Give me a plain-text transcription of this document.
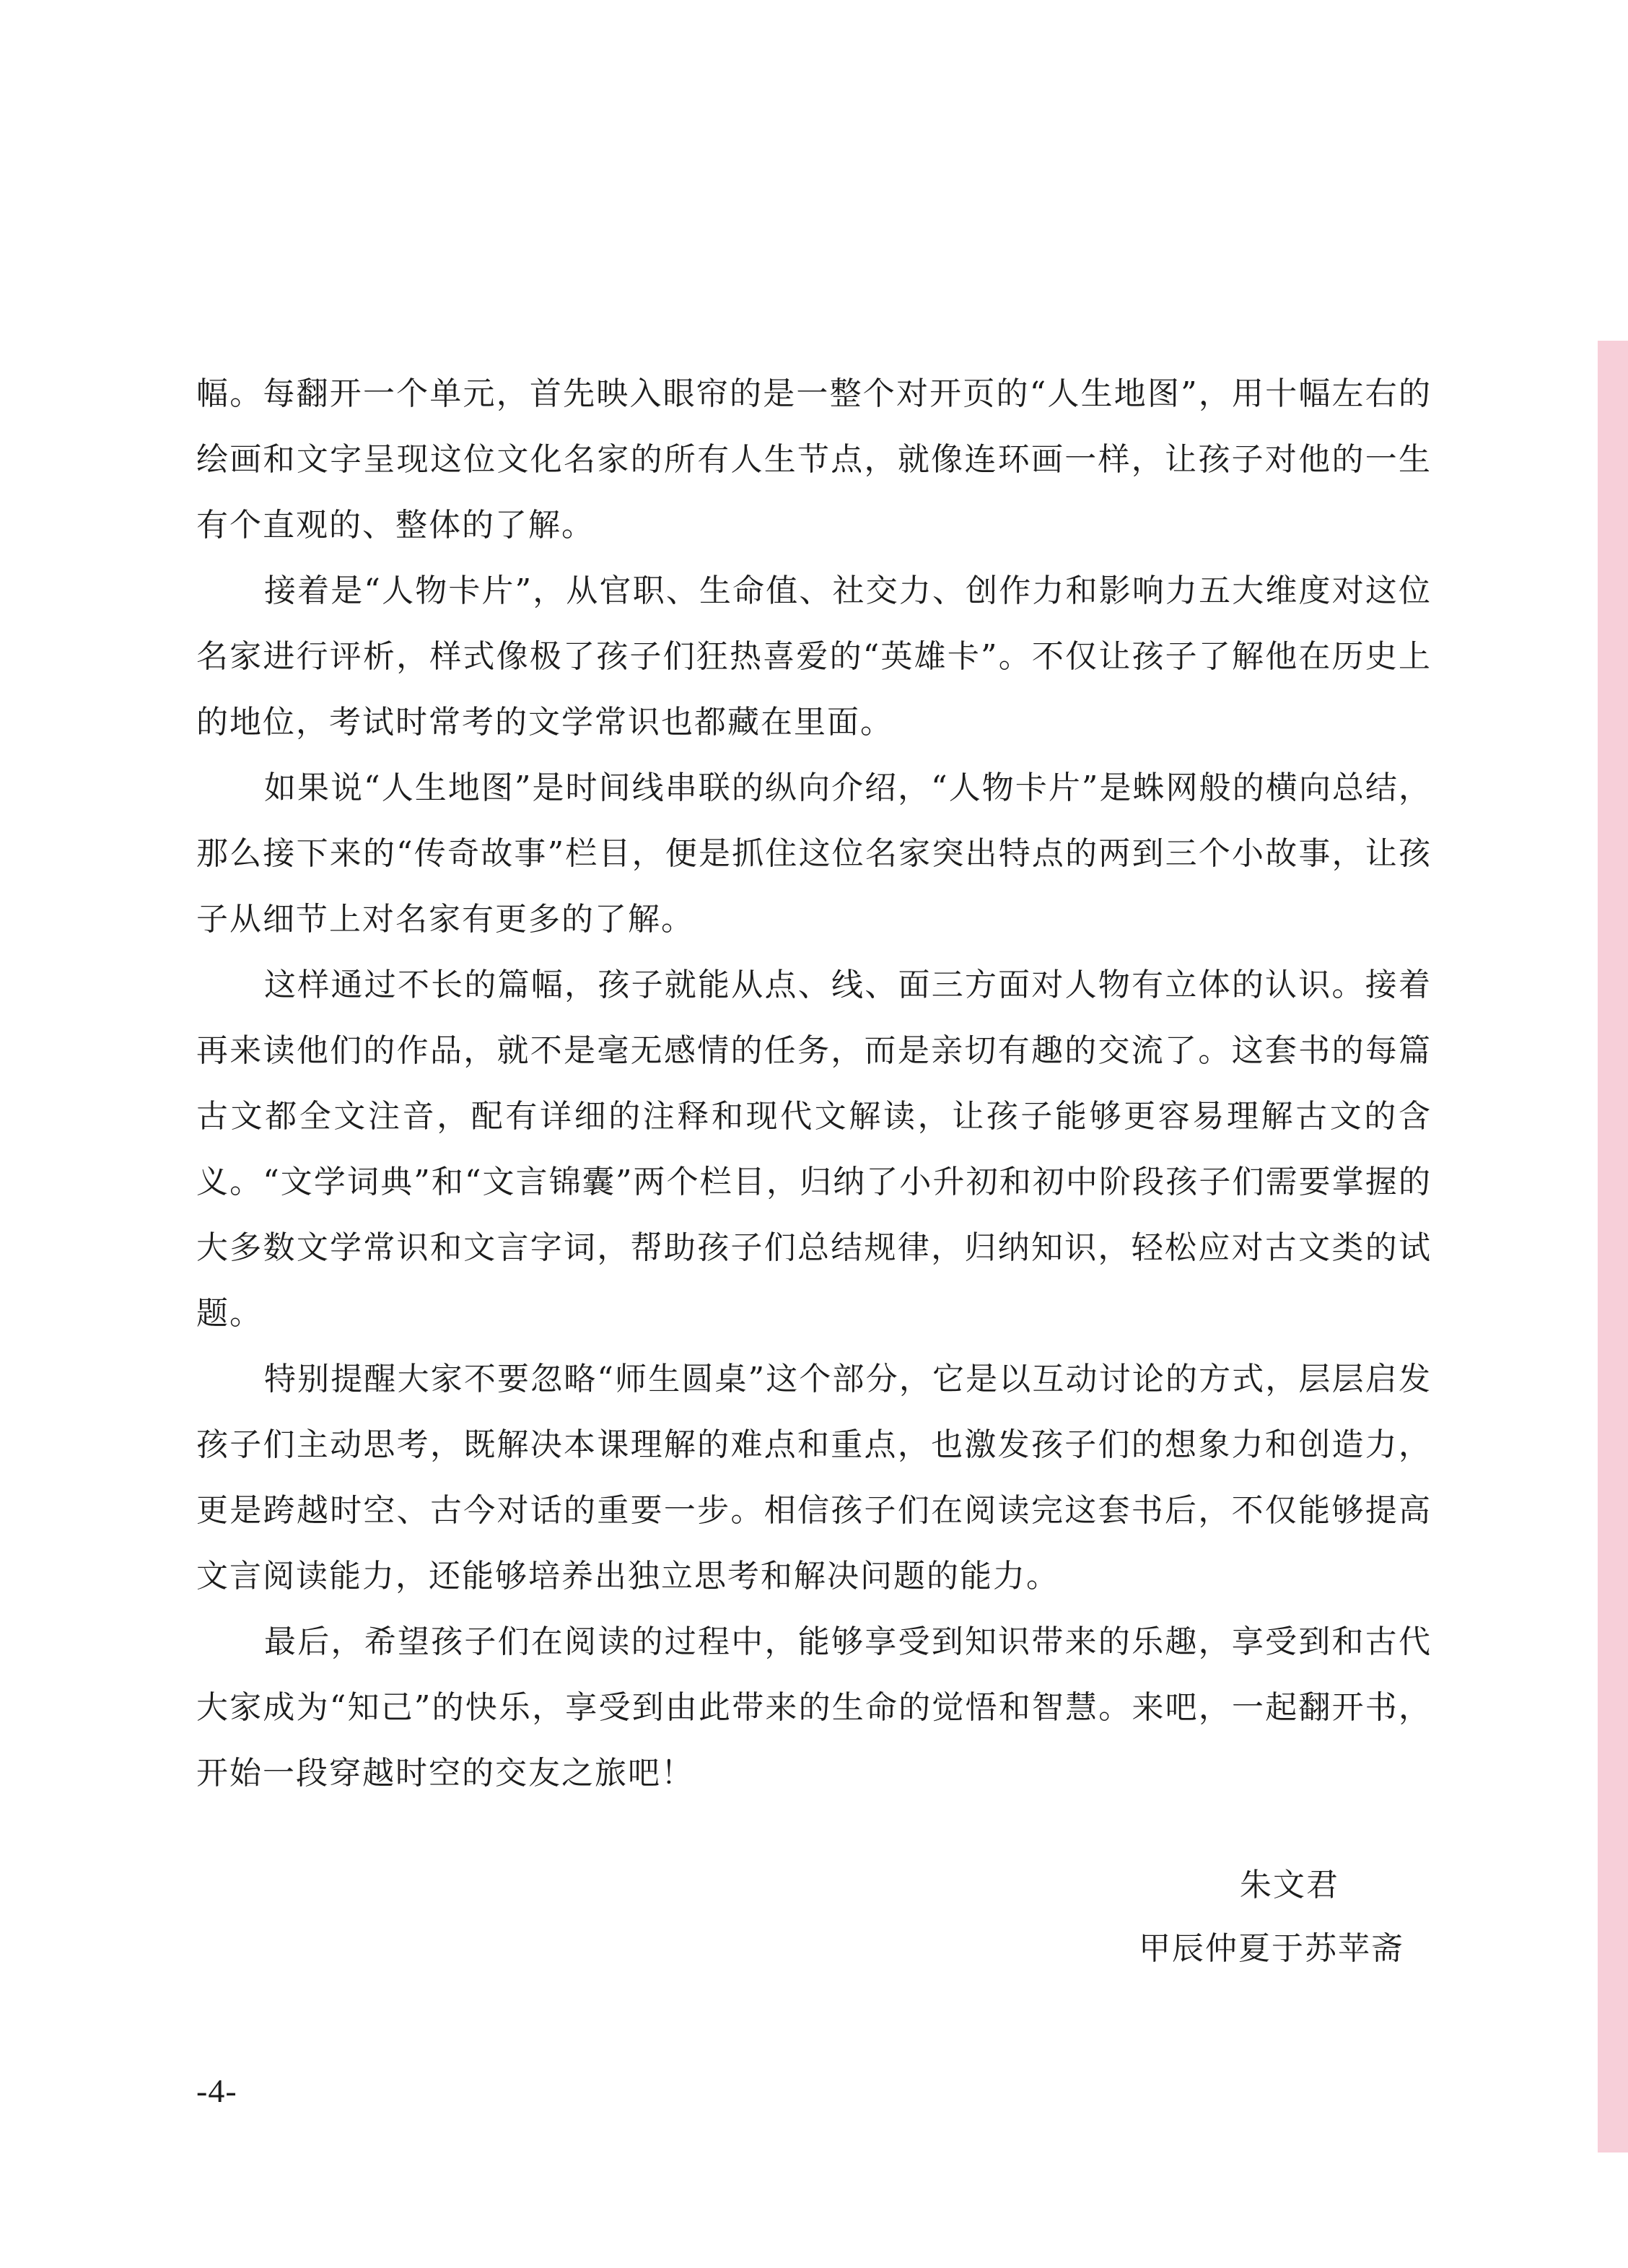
幅。每翻开一个单元，首先映入眼帘的是一整个对开页的“人生地图”，用十幅左右的绘画和文字呈现这位文化名家的所有人生节点，就像连环画一样，让孩子对他的一生有个直观的、整体的了解。

接着是“人物卡片”，从官职、生命值、社交力、创作力和影响力五大维度对这位名家进行评析，样式像极了孩子们狂热喜爱的“英雄卡”。不仅让孩子了解他在历史上的地位，考试时常考的文学常识也都藏在里面。

如果说“人生地图”是时间线串联的纵向介绍，“人物卡片”是蛛网般的横向总结，那么接下来的“传奇故事”栏目，便是抓住这位名家突出特点的两到三个小故事，让孩子从细节上对名家有更多的了解。

这样通过不长的篇幅，孩子就能从点、线、面三方面对人物有立体的认识。接着再来读他们的作品，就不是毫无感情的任务，而是亲切有趣的交流了。这套书的每篇古文都全文注音，配有详细的注释和现代文解读，让孩子能够更容易理解古文的含义。“文学词典”和“文言锦囊”两个栏目，归纳了小升初和初中阶段孩子们需要掌握的大多数文学常识和文言字词，帮助孩子们总结规律，归纳知识，轻松应对古文类的试题。

特别提醒大家不要忽略“师生圆桌”这个部分，它是以互动讨论的方式，层层启发孩子们主动思考，既解决本课理解的难点和重点，也激发孩子们的想象力和创造力，更是跨越时空、古今对话的重要一步。相信孩子们在阅读完这套书后，不仅能够提高文言阅读能力，还能够培养出独立思考和解决问题的能力。

最后，希望孩子们在阅读的过程中，能够享受到知识带来的乐趣，享受到和古代大家成为“知己”的快乐，享受到由此带来的生命的觉悟和智慧。来吧，一起翻开书，开始一段穿越时空的交友之旅吧！

朱文君
甲辰仲夏于苏苹斋
-4-
